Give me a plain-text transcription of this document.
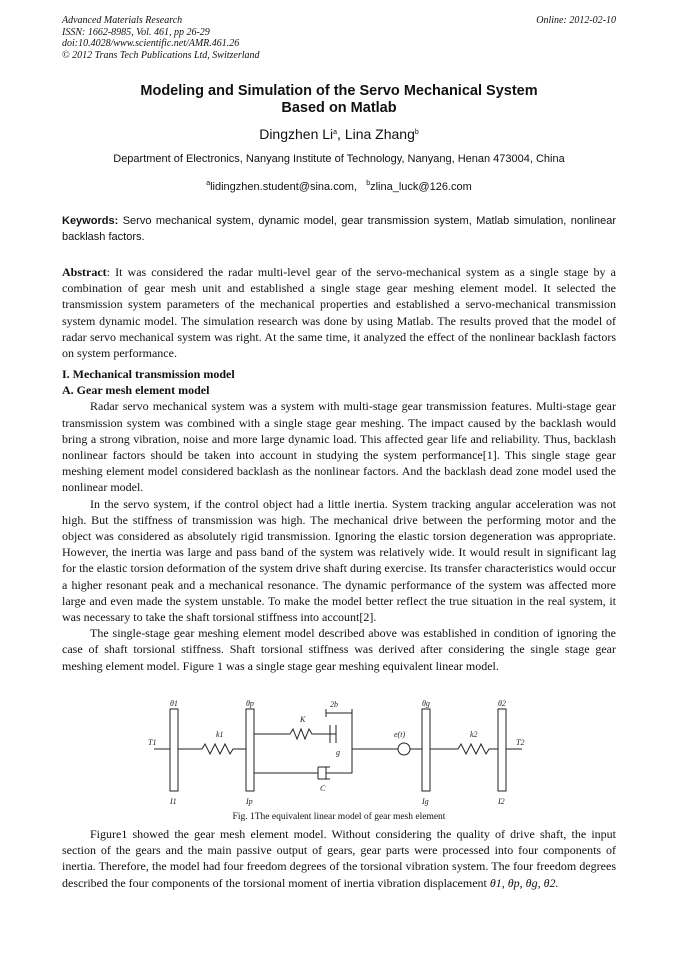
Advanced Materials Research
ISSN: 1662-8985, Vol. 461, pp 26-29
doi:10.4028/www.scientific.net/AMR.461.26
© 2012 Trans Tech Publications Ltd, Switzerland
Online: 2012-02-10
Modeling and Simulation of the Servo Mechanical System
Based on Matlab
Dingzhen Li$^a$, Lina Zhang$^b$
Department of Electronics, Nanyang Institute of Technology, Nanyang, Henan 473004, China
$^a$lidingzhen.student@sina.com,   $^b$zlina_luck@126.com
Keywords: Servo mechanical system, dynamic model, gear transmission system, Matlab simulation, nonlinear backlash factors.

Abstract: It was considered the radar multi-level gear of the servo-mechanical system as a single stage by a combination of gear mesh unit and established a single stage gear meshing element model. It selected the transmission system parameters of the mechanical properties and established a servo-mechanical transmission system dynamic model. The simulation research was done by using Matlab. The results proved that the model of radar servo mechanical system was right. At the same time, it analyzed the effect of the nonlinear backlash factors on system performance.

I. Mechanical transmission model

A. Gear mesh element model

Radar servo mechanical system was a system with multi-stage gear transmission features. Multi-stage gear transmission system was combined with a single stage gear meshing. The impact caused by the backlash would bring a strong vibration, noise and more large dynamic load. This affected gear life and reliability. Thus, backlash nonlinear factors should be taken into account in studying the system performance[1]. This single stage gear meshing element model considered backlash as the nonlinear factors. And the backlash dead zone model used the nonlinear model.

In the servo system, if the control object had a little inertia. System tracking angular acceleration was not high. But the stiffness of transmission was high. The mechanical drive between the performing motor and the object was considered as absolutely rigid transmission. Ignoring the elastic torsion degeneration was appropriate. However, the inertia was large and pass band of the system was relatively wide. It would result in significant lag for the elastic torsion deformation of the system drive shaft during exercise. Its transfer characteristics would occur a higher resonant peak and a mechanical resonance. The dynamic performance of the system was affected more large and even made the system unstable. To make the model better reflect the true situation in the real system, it was necessary to take the shaft torsional stiffness into account[2].

The single-stage gear meshing element model described above was established in condition of ignoring the case of shaft torsional stiffness. Shaft torsional stiffness was derived after considering the single stage gear meshing element model. Figure 1 was a single stage gear meshing equivalent linear model.

θ1	θp	θg	θ2
T1	T2
k1	k2
K
2b
g
e(t)
C
I1	Ip	Ig	I2
Fig. 1The equivalent linear model of gear mesh element

Figure1 showed the gear mesh element model. Without considering the quality of drive shaft, the input section of the gears and the main passive output of gears, gear parts were processed into four components of inertia. Therefore, the model had four freedom degrees of the torsional vibration system. The four freedom degrees described the four components of the torsional moment of inertia vibration displacement θ1, θp, θg, θ2.
